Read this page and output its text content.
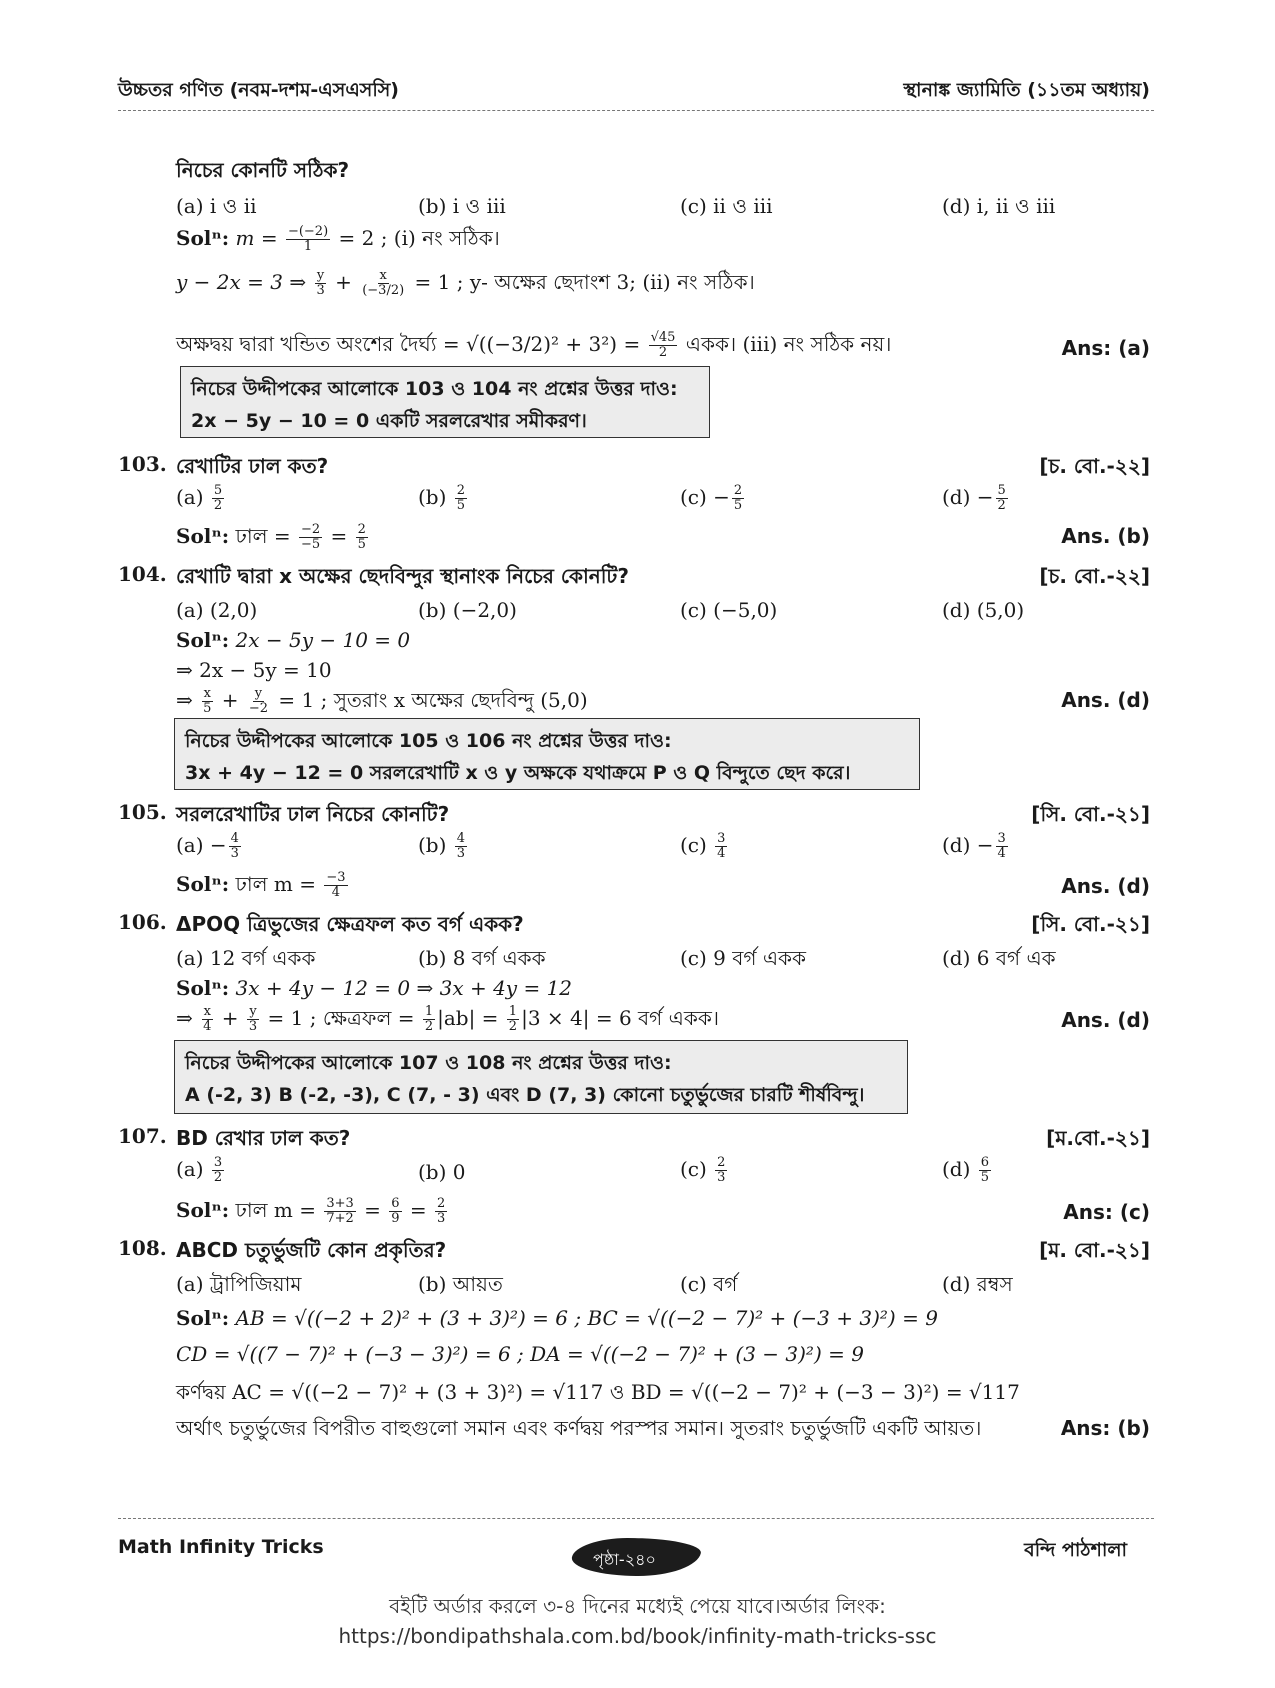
উচ্চতর গণিত (নবম-দশম-এসএসসি)	স্থানাঙ্ক জ্যামিতি (১১তম অধ্যায়)
নিচের কোনটি সঠিক?
(a) i ও ii	(b) i ও iii	(c) ii ও iii	(d) i, ii ও iii
Solⁿ: $m = \frac{-(-2)}{1} = 2$ ; (i) নং সঠিক।
y − 2x = 3 ⇒ $\frac{y}{3} + \frac{x}{(-3/2)} = 1$ ; y- অক্ষের ছেদাংশ 3; (ii) নং সঠিক।
অক্ষদ্বয় দ্বারা খন্ডিত অংশের দৈর্ঘ্য = $√((-3/2)^2 + 3^2) = \frac{√45}{2}$ একক। (iii) নং সঠিক নয়।	Ans: (a)
নিচের উদ্দীপকের আলোকে 103 ও 104 নং প্রশ্নের উত্তর দাও:
2x − 5y − 10 = 0 একটি সরলরেখার সমীকরণ।
103. রেখাটির ঢাল কত?	[চ. বো.-২২]
$(a) \frac{5}{2}$	$(b) \frac{2}{5}$	$(c) - \frac{2}{5}$	$(d) - \frac{5}{2}$
Solⁿ: ঢাল = $\frac{-2}{-5} = \frac{2}{5}$	Ans. (b)
104. রেখাটি দ্বারা x অক্ষের ছেদবিন্দুর স্থানাংক নিচের কোনটি?	[চ. বো.-২২]
(a) (2,0)	(b) (−2,0)	(c) (−5,0)	(d) (5,0)
Solⁿ: 2x − 5y − 10 = 0
⇒ 2x − 5y = 10
⇒ $\frac{x}{5} + \frac{y}{-2} = 1$ ; সুতরাং x অক্ষের ছেদবিন্দু (5,0)	Ans. (d)
নিচের উদ্দীপকের আলোকে 105 ও 106 নং প্রশ্নের উত্তর দাও:
3x + 4y − 12 = 0 সরলরেখাটি x ও y অক্ষকে যথাক্রমে P ও Q বিন্দুতে ছেদ করে।
105. সরলরেখাটির ঢাল নিচের কোনটি?	[সি. বো.-২১]
$(a) - \frac{4}{3}$	$(b) \frac{4}{3}$	$(c) \frac{3}{4}$	$(d) - \frac{3}{4}$
Solⁿ: ঢাল $m = \frac{-3}{4}$	Ans. (d)
106. ΔPOQ ত্রিভুজের ক্ষেত্রফল কত বর্গ একক?	[সি. বো.-২১]
(a) 12 বর্গ একক	(b) 8 বর্গ একক	(c) 9 বর্গ একক	(d) 6 বর্গ এক
Solⁿ: 3x + 4y − 12 = 0 ⇒ 3x + 4y = 12
⇒ $\frac{x}{4} + \frac{y}{3} = 1$ ; ক্ষেত্রফল = $\frac{1}{2} |ab| = \frac{1}{2} |3 \times 4| = 6$ বর্গ একক।	Ans. (d)
নিচের উদ্দীপকের আলোকে 107 ও 108 নং প্রশ্নের উত্তর দাও:
A (-2, 3) B (-2, -3), C (7, - 3) এবং D (7, 3) কোনো চতুর্ভুজের চারটি শীর্ষবিন্দু।
107. BD রেখার ঢাল কত?	[ম.বো.-২১]
$(a) \frac{3}{2}$	(b) 0	$(c) \frac{2}{3}$	$(d) \frac{6}{5}$
Solⁿ: ঢাল $m = \frac{3+3}{7+2} = \frac{6}{9} = \frac{2}{3}$	Ans: (c)
108. ABCD চতুর্ভুজটি কোন প্রকৃতির?	[ম. বো.-২১]
(a) ট্রাপিজিয়াম	(b) আয়ত	(c) বর্গ	(d) রম্বস
Solⁿ: AB = √((−2 + 2)² + (3 + 3)²) = 6 ; BC = √((−2 − 7)² + (−3 + 3)²) = 9
CD = √((7 − 7)² + (−3 − 3)²) = 6 ; DA = √((−2 − 7)² + (3 − 3)²) = 9
কর্ণদ্বয় AC = √((−2 − 7)² + (3 + 3)²) = √117 ও BD = √((−2 − 7)² + (−3 − 3)²) = √117
অর্থাৎ চতুর্ভুজের বিপরীত বাহুগুলো সমান এবং কর্ণদ্বয় পরস্পর সমান। সুতরাং চতুর্ভুজটি একটি আয়ত।	Ans: (b)
Math Infinity Tricks
পৃষ্ঠা-২৪০	বন্দি পাঠশালা
বইটি অর্ডার করলে ৩-৪ দিনের মধ্যেই পেয়ে যাবে।অর্ডার লিংক:
https://bondipathshala.com.bd/book/infinity-math-tricks-ssc
